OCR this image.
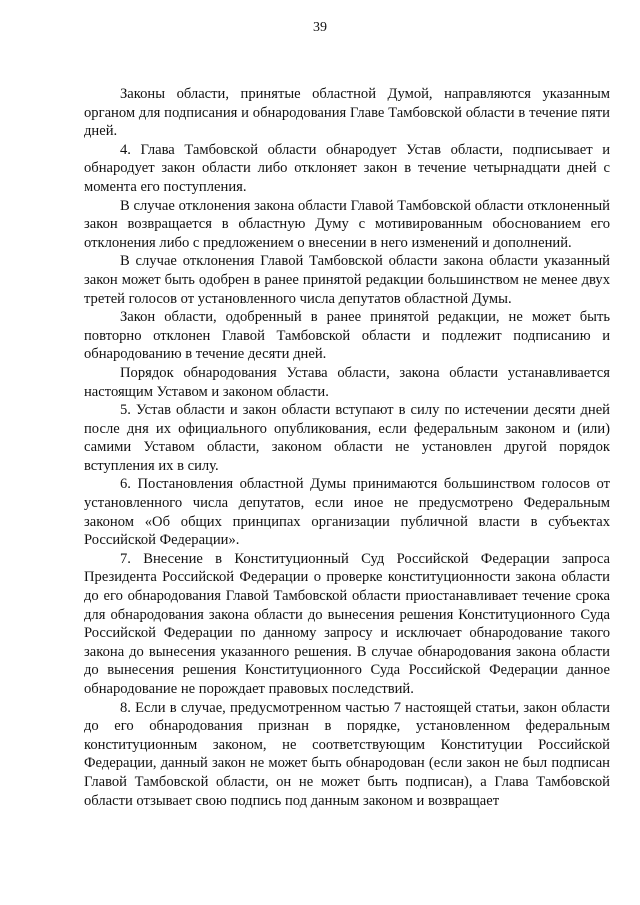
39

Законы области, принятые областной Думой, направляются указанным органом для подписания и обнародования Главе Тамбовской области в течение пяти дней.

4. Глава Тамбовской области обнародует Устав области, подписывает и обнародует закон области либо отклоняет закон в течение четырнадцати дней с момента его поступления.

В случае отклонения закона области Главой Тамбовской области отклоненный закон возвращается в областную Думу с мотивированным обоснованием его отклонения либо с предложением о внесении в него изменений и дополнений.

В случае отклонения Главой Тамбовской области закона области указанный закон может быть одобрен в ранее принятой редакции большинством не менее двух третей голосов от установленного числа депутатов областной Думы.

Закон области, одобренный в ранее принятой редакции, не может быть повторно отклонен Главой Тамбовской области и подлежит подписанию и обнародованию в течение десяти дней.

Порядок обнародования Устава области, закона области устанавливается настоящим Уставом и законом области.

5. Устав области и закон области вступают в силу по истечении десяти дней после дня их официального опубликования, если федеральным законом и (или) самими Уставом области, законом области не установлен другой порядок вступления их в силу.

6. Постановления областной Думы принимаются большинством голосов от установленного числа депутатов, если иное не предусмотрено Федеральным законом «Об общих принципах организации публичной власти в субъектах Российской Федерации».

7. Внесение в Конституционный Суд Российской Федерации запроса Президента Российской Федерации о проверке конституционности закона области до его обнародования Главой Тамбовской области приостанавливает течение срока для обнародования закона области до вынесения решения Конституционного Суда Российской Федерации по данному запросу и исключает обнародование такого закона до вынесения указанного решения. В случае обнародования закона области до вынесения решения Конституционного Суда Российской Федерации данное обнародование не порождает правовых последствий.

8. Если в случае, предусмотренном частью 7 настоящей статьи, закон области до его обнародования признан в порядке, установленном федеральным конституционным законом, не соответствующим Конституции Российской Федерации, данный закон не может быть обнародован (если закон не был подписан Главой Тамбовской области, он не может быть подписан), а Глава Тамбовской области отзывает свою подпись под данным законом и возвращает
